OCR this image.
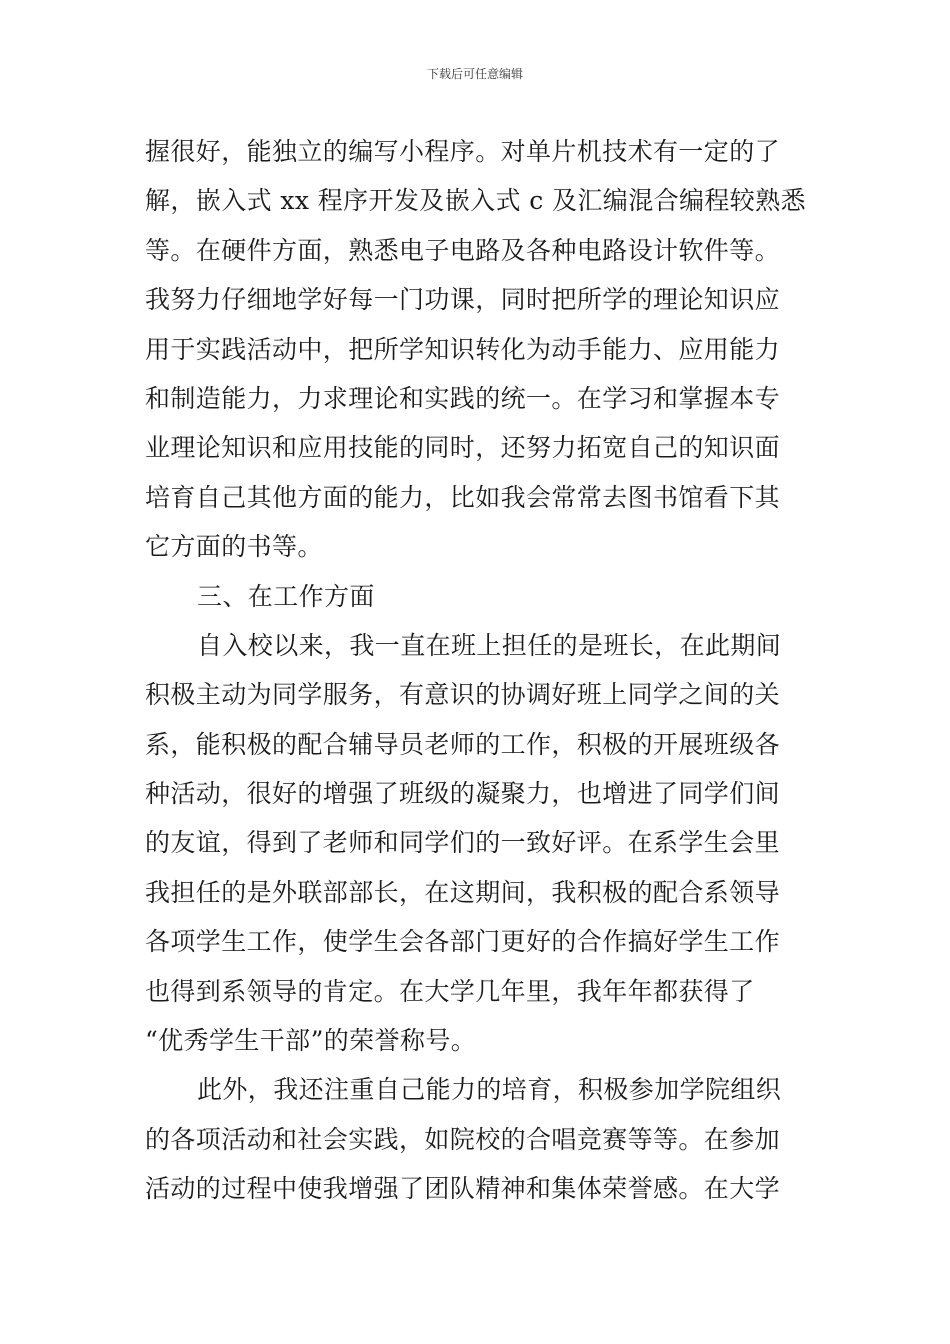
下载后可任意编辑
握很好，能独立的编写小程序。对单片机技术有一定的了
解，嵌入式 xx 程序开发及嵌入式 c 及汇编混合编程较熟悉
等。在硬件方面，熟悉电子电路及各种电路设计软件等。
我努力仔细地学好每一门功课，同时把所学的理论知识应
用于实践活动中，把所学知识转化为动手能力、应用能力
和制造能力，力求理论和实践的统一。在学习和掌握本专
业理论知识和应用技能的同时，还努力拓宽自己的知识面
培育自己其他方面的能力，比如我会常常去图书馆看下其
它方面的书等。
三、在工作方面
自入校以来，我一直在班上担任的是班长，在此期间
积极主动为同学服务，有意识的协调好班上同学之间的关
系，能积极的配合辅导员老师的工作，积极的开展班级各
种活动，很好的增强了班级的凝聚力，也增进了同学们间
的友谊，得到了老师和同学们的一致好评。在系学生会里
我担任的是外联部部长，在这期间，我积极的配合系领导
各项学生工作，使学生会各部门更好的合作搞好学生工作
也得到系领导的肯定。在大学几年里，我年年都获得了
“优秀学生干部”的荣誉称号。
此外，我还注重自己能力的培育，积极参加学院组织
的各项活动和社会实践，如院校的合唱竞赛等等。在参加
活动的过程中使我增强了团队精神和集体荣誉感。在大学
